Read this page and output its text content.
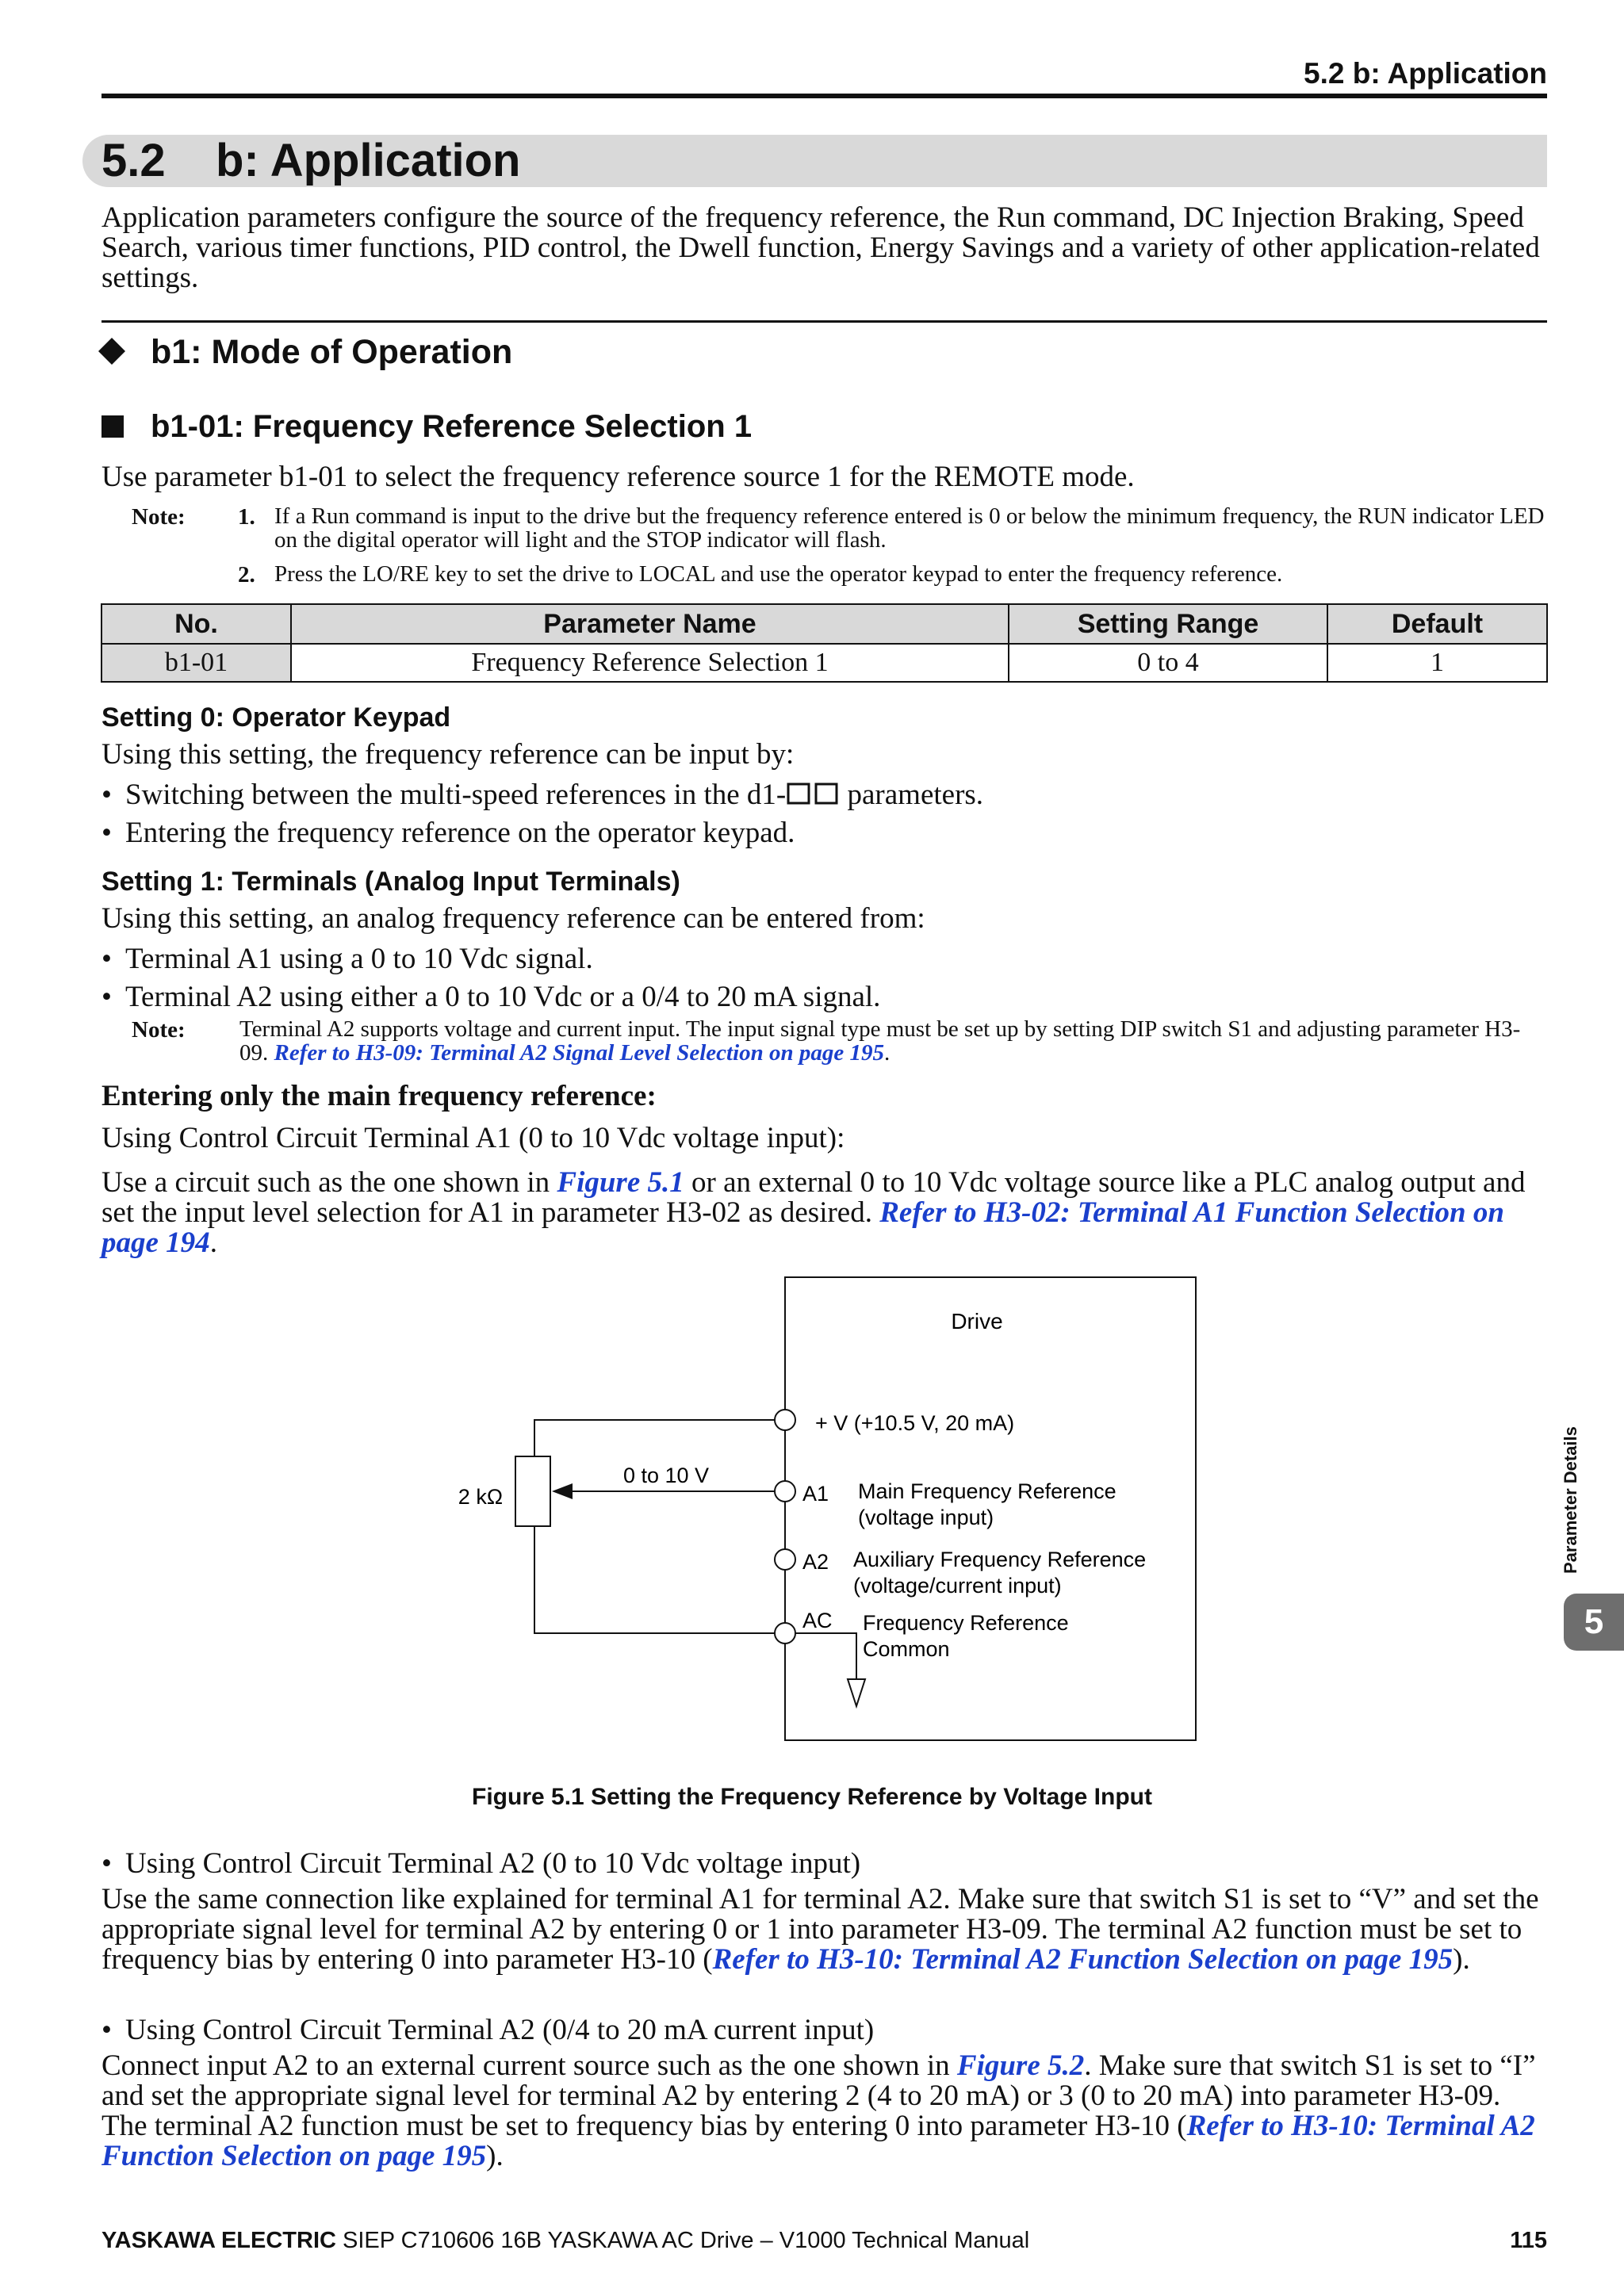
5.2 b: Application
5.2 b: Application

Application parameters configure the source of the frequency reference, the Run command, DC Injection Braking, Speed Search, various timer functions, PID control, the Dwell function, Energy Savings and a variety of other application-related settings.

b1: Mode of Operation
b1-01: Frequency Reference Selection 1

Use parameter b1-01 to select the frequency reference source 1 for the REMOTE mode.

Note: 1. If a Run command is input to the drive but the frequency reference entered is 0 or below the minimum frequency, the RUN indicator LED on the digital operator will light and the STOP indicator will flash.
2. Press the LO/RE key to set the drive to LOCAL and use the operator keypad to enter the frequency reference.
No.	Parameter Name	Setting Range	Default
b1-01	Frequency Reference Selection 1	0 to 4	1
Setting 0: Operator Keypad
Using this setting, the frequency reference can be input by:
• Switching between the multi-speed references in the d1- parameters.
• Entering the frequency reference on the operator keypad.
Setting 1: Terminals (Analog Input Terminals)
Using this setting, an analog frequency reference can be entered from:
• Terminal A1 using a 0 to 10 Vdc signal.
• Terminal A2 using either a 0 to 10 Vdc or a 0/4 to 20 mA signal.
Note: Terminal A2 supports voltage and current input. The input signal type must be set up by setting DIP switch S1 and adjusting parameter H3-09. Refer to H3-09: Terminal A2 Signal Level Selection on page 195.
Entering only the main frequency reference:
Using Control Circuit Terminal A1 (0 to 10 Vdc voltage input):

Use a circuit such as the one shown in Figure 5.1 or an external 0 to 10 Vdc voltage source like a PLC analog output and set the input level selection for A1 in parameter H3-02 as desired. Refer to H3-02: Terminal A1 Function Selection on page 194.

Drive
2 kΩ
0 to 10 V
+ V (+10.5 V, 20 mA)
A1 Main Frequency Reference
(voltage input)
A2 Auxiliary Frequency Reference
(voltage/current input)
AC Frequency Reference
Common
Figure 5.1 Setting the Frequency Reference by Voltage Input
• Using Control Circuit Terminal A2 (0 to 10 Vdc voltage input)

Use the same connection like explained for terminal A1 for terminal A2. Make sure that switch S1 is set to “V” and set the appropriate signal level for terminal A2 by entering 0 or 1 into parameter H3-09. The terminal A2 function must be set to frequency bias by entering 0 into parameter H3-10 (Refer to H3-10: Terminal A2 Function Selection on page 195).

• Using Control Circuit Terminal A2 (0/4 to 20 mA current input)

Connect input A2 to an external current source such as the one shown in Figure 5.2. Make sure that switch S1 is set to “I” and set the appropriate signal level for terminal A2 by entering 2 (4 to 20 mA) or 3 (0 to 20 mA) into parameter H3-09. The terminal A2 function must be set to frequency bias by entering 0 into parameter H3-10 (Refer to H3-10: Terminal A2 Function Selection on page 195).

YASKAWA ELECTRIC SIEP C710606 16B YASKAWA AC Drive – V1000 Technical Manual	115
Parameter Details
5
